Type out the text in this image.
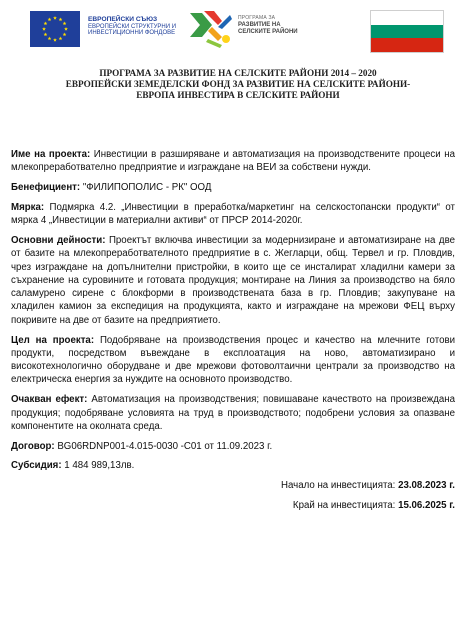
ЕВРОПЕЙСКИ СЪЮЗ
ЕВРОПЕЙСКИ СТРУКТУРНИ И
ИНВЕСТИЦИОННИ ФОНДОВЕ
ПРОГРАМА ЗА
РАЗВИТИЕ НА
СЕЛСКИТЕ РАЙОНИ
ПРОГРАМА ЗА РАЗВИТИЕ НА СЕЛСКИТЕ РАЙОНИ 2014 – 2020
ЕВРОПЕЙСКИ ЗЕМЕДЕЛСКИ ФОНД ЗА РАЗВИТИЕ НА СЕЛСКИТЕ РАЙОНИ-
ЕВРОПА ИНВЕСТИРА В СЕЛСКИТЕ РАЙОНИ

Име на проекта: Инвестиции в разширяване и автоматизация на производствените процеси на млекопреработвателно предприятие и изграждане на ВЕИ за собствени нужди.

Бенефициент: "ФИЛИПОПОЛИС - РК" ООД

Мярка: Подмярка 4.2. „Инвестиции в преработка/маркетинг на селскостопански продукти“ от мярка 4 „Инвестиции в материални активи“ от ПРСР 2014-2020г.

Основни дейности: Проектът включва инвестиции за модернизиране и автоматизиране на две от базите на млекопреработвателното предприятие в с. Жегларци, общ. Тервел и гр. Пловдив, чрез изграждане на допълнителни пристройки, в които ще се инсталират хладилни камери за съхранение на суровините и готовата продукция; монтиране на Линия за производство на бяло саламурено сирене с блокформи в производствената база в гр. Пловдив; закупуване на хладилен камион за експедиция на продукцията, както и изграждане на мрежови ФЕЦ върху покривите на две от базите на предприятието.

Цел на проекта: Подобряване на производствения процес и качество на млечните готови продукти, посредством въвеждане в експлоатация на ново, автоматизирано и високотехнологично оборудване и две мрежови фотоволтаични централи за производство на електрическа енергия за нуждите на основното производство.

Очакван ефект: Автоматизация на производствения; повишаване качеството на произвеждана продукция; подобряване условията на труд в производството; подобрени условия за опазване компонентите на околната среда.

Договор: BG06RDNP001-4.015-0030 -C01 от 11.09.2023 г.

Субсидия: 1 484 989,13лв.

Начало на инвестицията: 23.08.2023 г.

Край на инвестицията: 15.06.2025 г.
